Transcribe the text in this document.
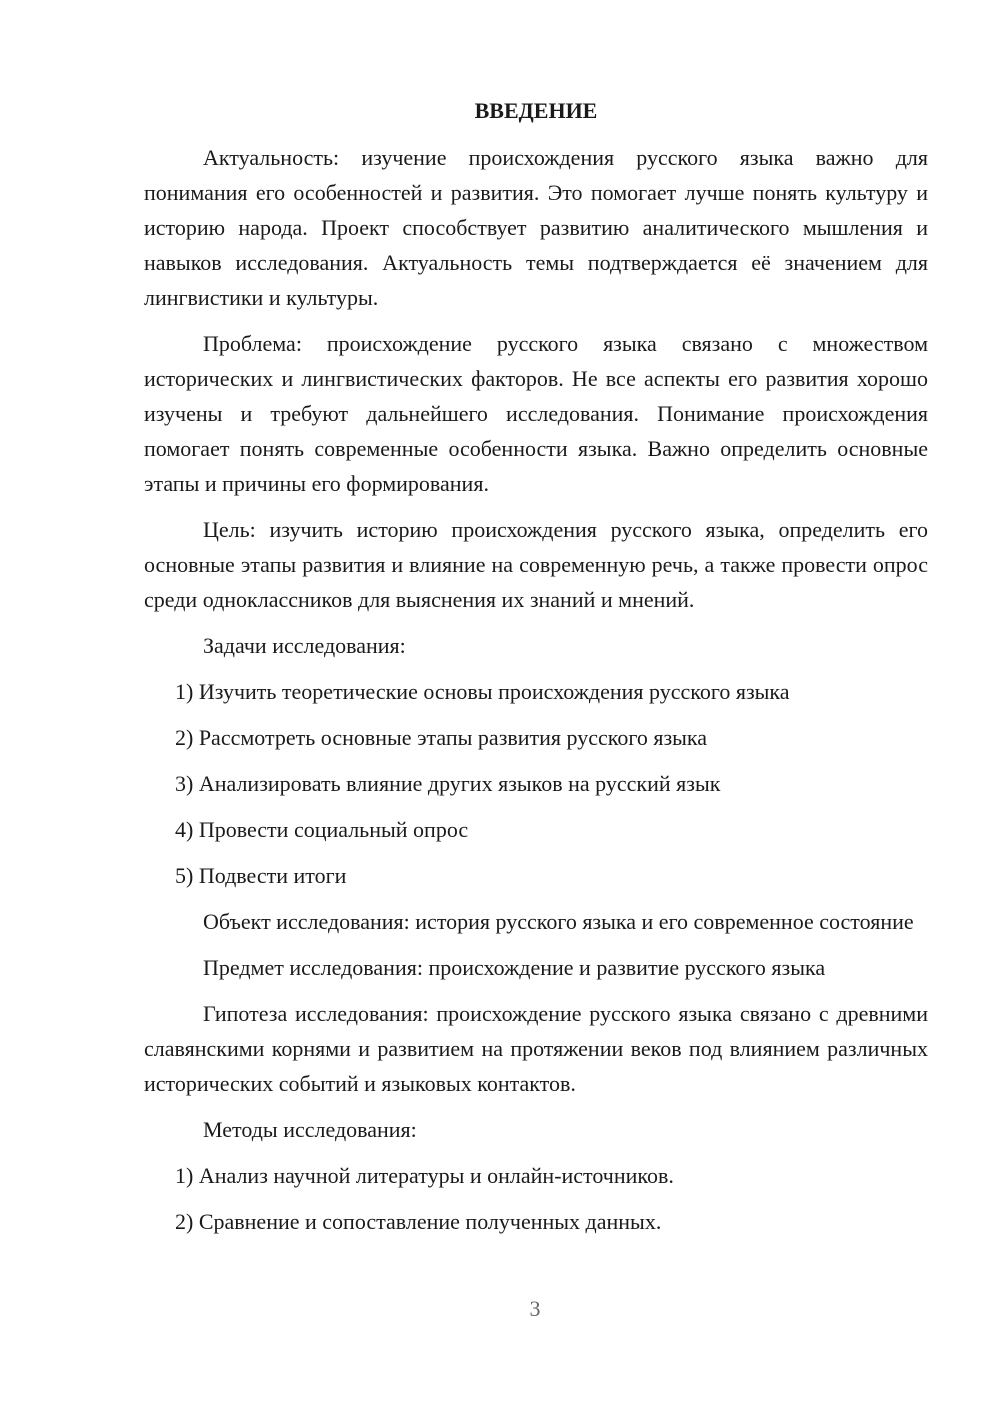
ВВЕДЕНИЕ
Актуальность: изучение происхождения русского языка важно для понимания его особенностей и развития. Это помогает лучше понять культуру и историю народа. Проект способствует развитию аналитического мышления и навыков исследования. Актуальность темы подтверждается её значением для лингвистики и культуры.
Проблема: происхождение русского языка связано с множеством исторических и лингвистических факторов. Не все аспекты его развития хорошо изучены и требуют дальнейшего исследования. Понимание происхождения помогает понять современные особенности языка. Важно определить основные этапы и причины его формирования.
Цель: изучить историю происхождения русского языка, определить его основные этапы развития и влияние на современную речь, а также провести опрос среди одноклассников для выяснения их знаний и мнений.
Задачи исследования:
1) Изучить теоретические основы происхождения русского языка
2) Рассмотреть основные этапы развития русского языка
3) Анализировать влияние других языков на русский язык
4) Провести социальный опрос
5) Подвести итоги
Объект исследования: история русского языка и его современное состояние
Предмет исследования: происхождение и развитие русского языка
Гипотеза исследования: происхождение русского языка связано с древними славянскими корнями и развитием на протяжении веков под влиянием различных исторических событий и языковых контактов.
Методы исследования:
1) Анализ научной литературы и онлайн-источников.
2) Сравнение и сопоставление полученных данных.
3
